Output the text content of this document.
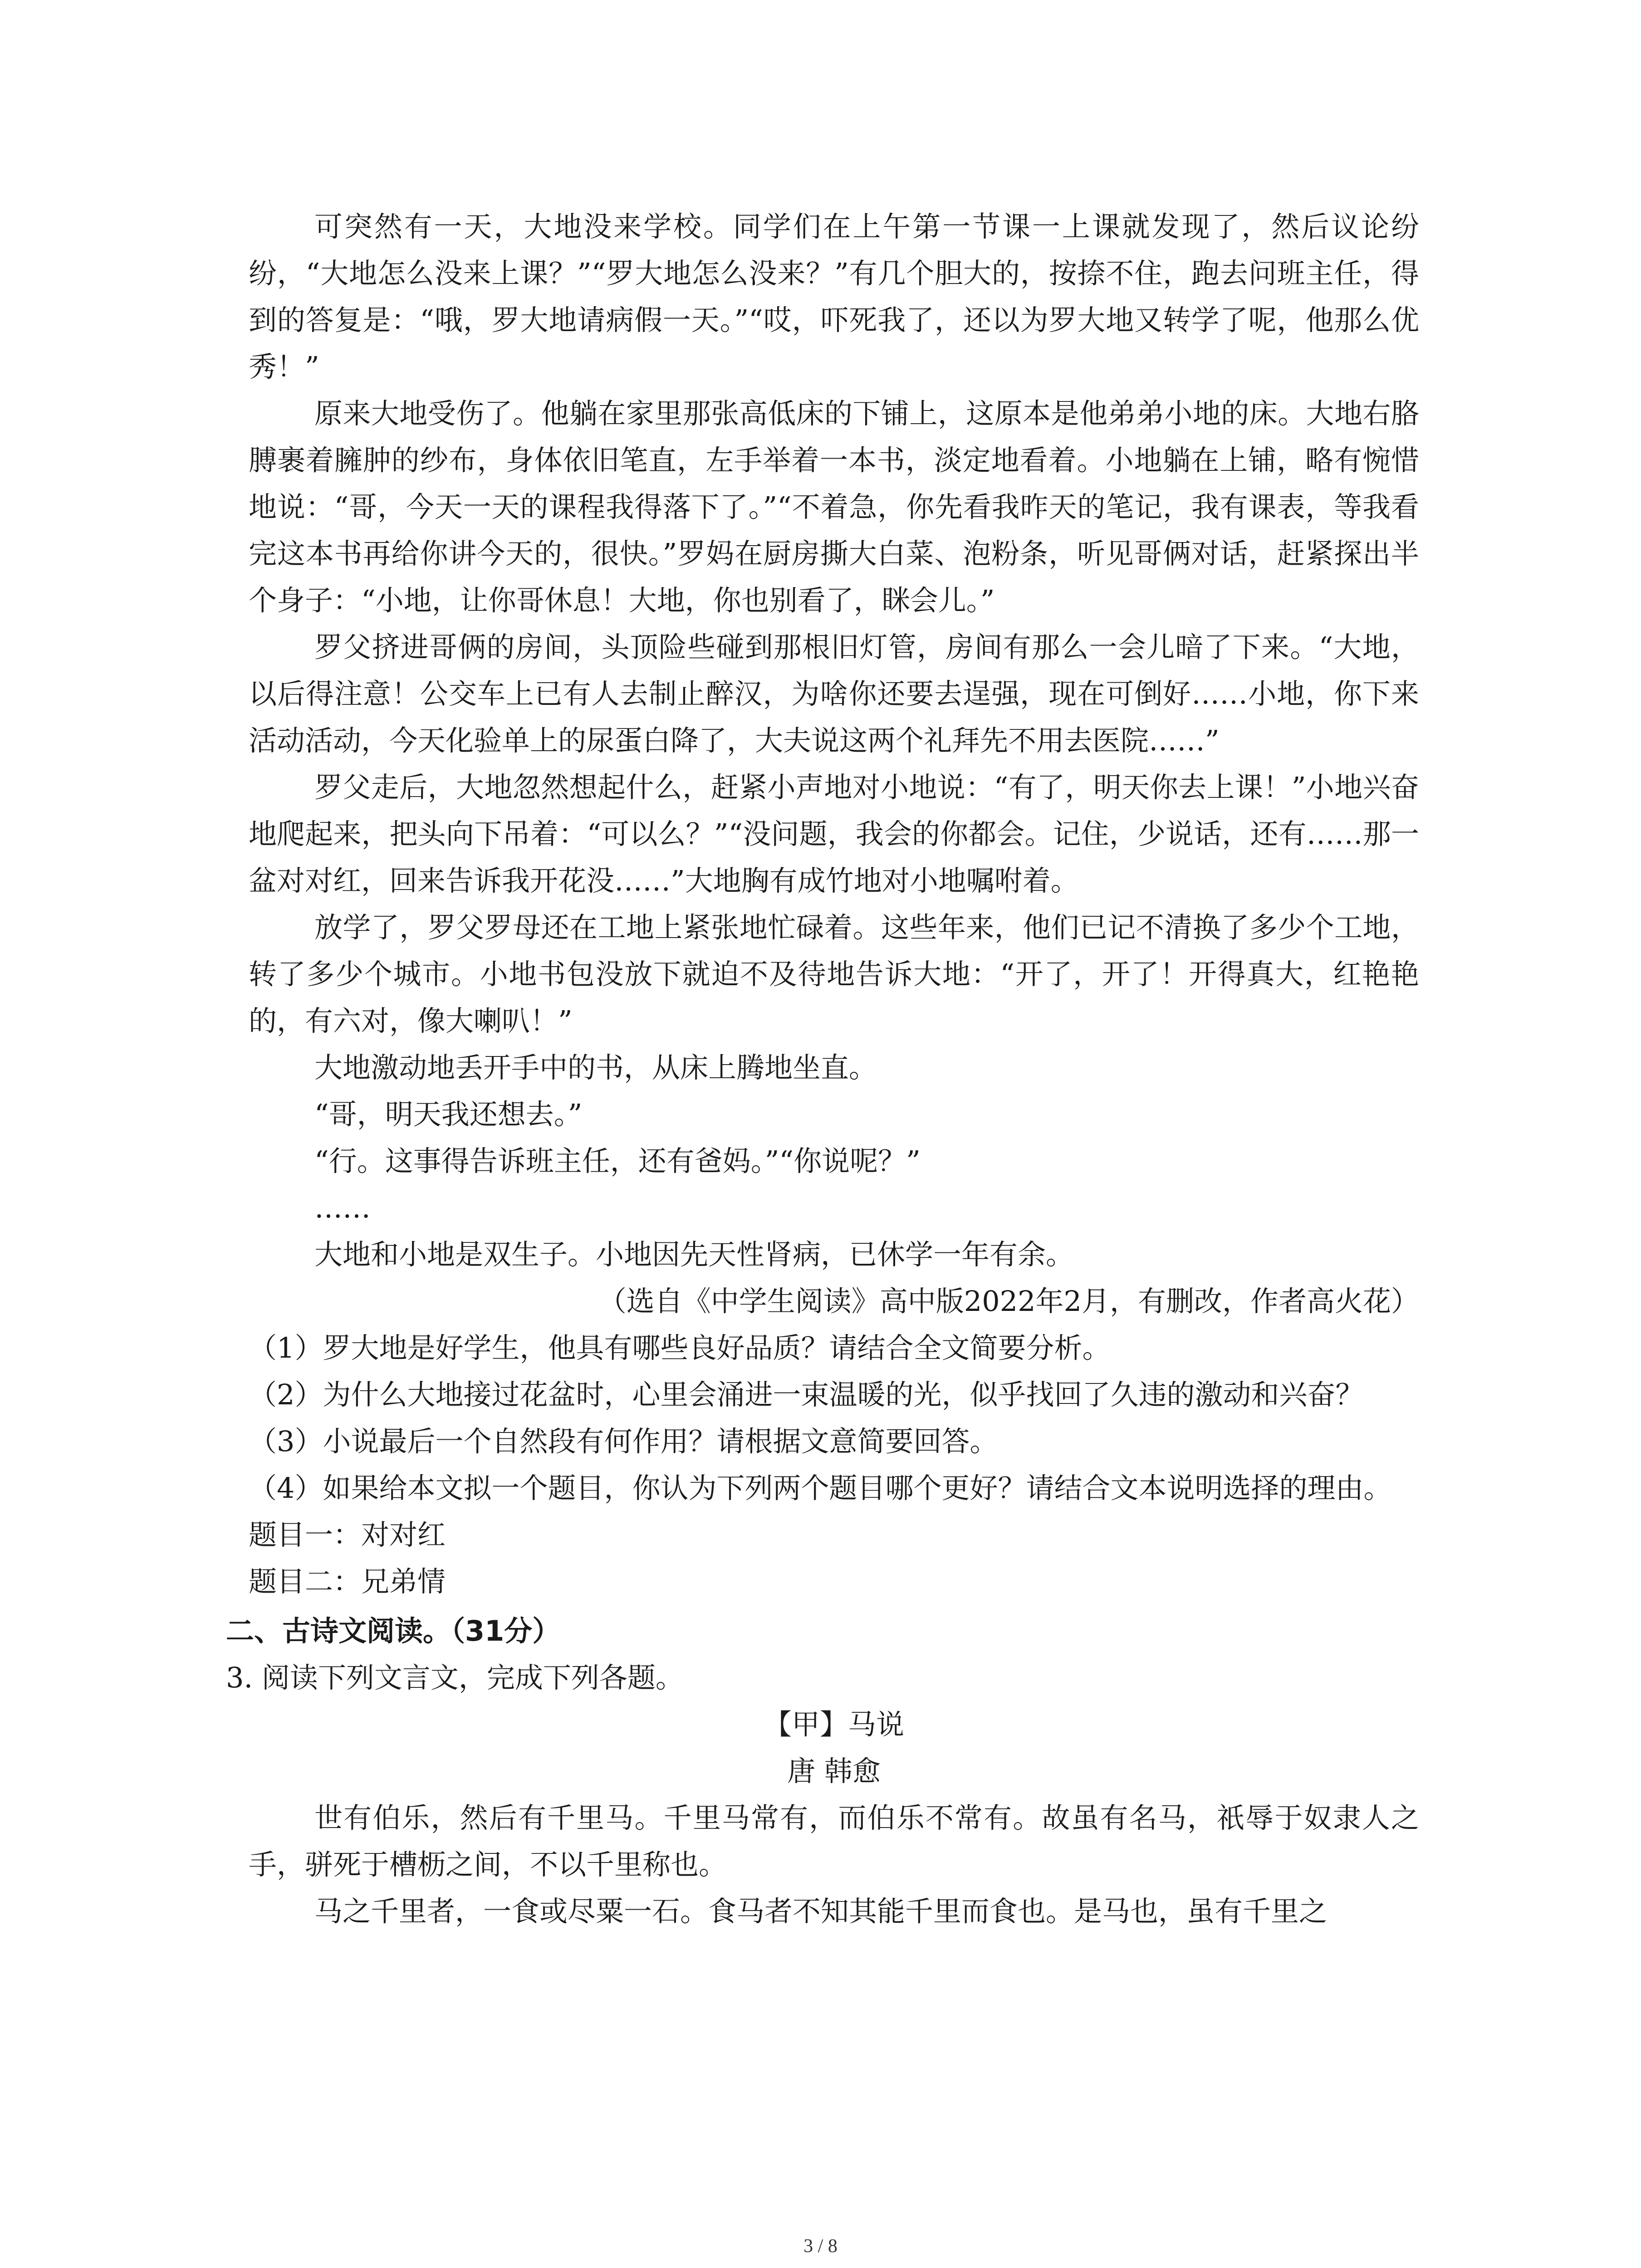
可突然有一天，大地没来学校。同学们在上午第一节课一上课就发现了，然后议论纷纷，“大地怎么没来上课？”“罗大地怎么没来？”有几个胆大的，按捺不住，跑去问班主任，得到的答复是：“哦，罗大地请病假一天。”“哎，吓死我了，还以为罗大地又转学了呢，他那么优秀！”

原来大地受伤了。他躺在家里那张高低床的下铺上，这原本是他弟弟小地的床。大地右胳膊裹着臃肿的纱布，身体依旧笔直，左手举着一本书，淡定地看着。小地躺在上铺，略有惋惜地说：“哥，今天一天的课程我得落下了。”“不着急，你先看我昨天的笔记，我有课表，等我看完这本书再给你讲今天的，很快。”罗妈在厨房撕大白菜、泡粉条，听见哥俩对话，赶紧探出半个身子：“小地，让你哥休息！大地，你也别看了，眯会儿。”

罗父挤进哥俩的房间，头顶险些碰到那根旧灯管，房间有那么一会儿暗了下来。“大地，以后得注意！公交车上已有人去制止醉汉，为啥你还要去逞强，现在可倒好……小地，你下来活动活动，今天化验单上的尿蛋白降了，大夫说这两个礼拜先不用去医院……”

罗父走后，大地忽然想起什么，赶紧小声地对小地说：“有了，明天你去上课！”小地兴奋地爬起来，把头向下吊着：“可以么？”“没问题，我会的你都会。记住，少说话，还有……那一盆对对红，回来告诉我开花没……”大地胸有成竹地对小地嘱咐着。

放学了，罗父罗母还在工地上紧张地忙碌着。这些年来，他们已记不清换了多少个工地，转了多少个城市。小地书包没放下就迫不及待地告诉大地：“开了，开了！开得真大，红艳艳的，有六对，像大喇叭！”

大地激动地丢开手中的书，从床上腾地坐直。

“哥，明天我还想去。”

“行。这事得告诉班主任，还有爸妈。”“你说呢？”

……

大地和小地是双生子。小地因先天性肾病，已休学一年有余。

（选自《中学生阅读》高中版2022年2月，有删改，作者高火花）

（1）罗大地是好学生，他具有哪些良好品质？请结合全文简要分析。

（2）为什么大地接过花盆时，心里会涌进一束温暖的光，似乎找回了久违的激动和兴奋？

（3）小说最后一个自然段有何作用？请根据文意简要回答。

（4）如果给本文拟一个题目，你认为下列两个题目哪个更好？请结合文本说明选择的理由。

题目一：对对红

题目二：兄弟情

二、古诗文阅读。（31分）

3. 阅读下列文言文，完成下列各题。

【甲】马说

唐 韩愈

世有伯乐，然后有千里马。千里马常有，而伯乐不常有。故虽有名马，祇辱于奴隶人之手，骈死于槽枥之间，不以千里称也。

马之千里者，一食或尽粟一石。食马者不知其能千里而食也。是马也，虽有千里之

3 / 8
